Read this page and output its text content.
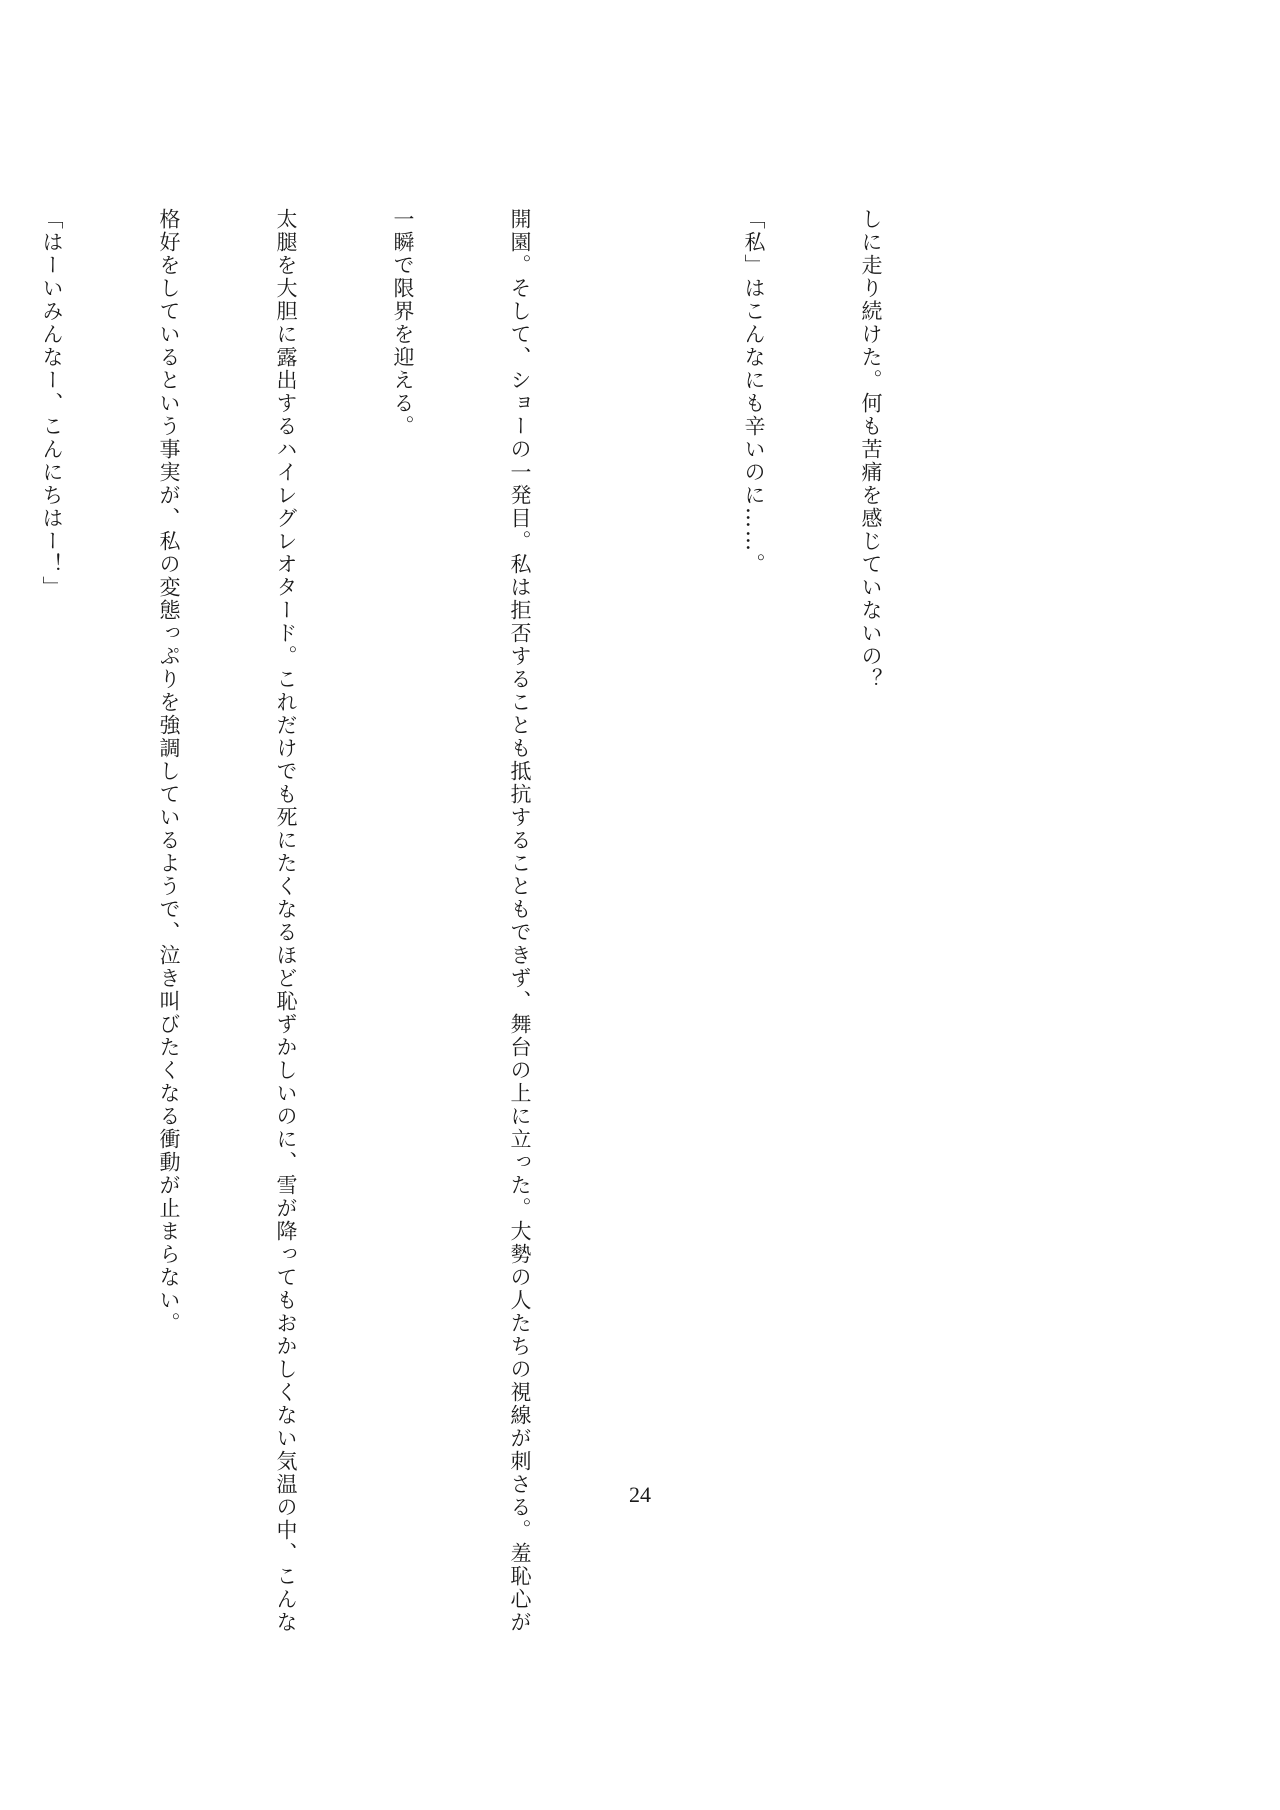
しに走り続けた。何も苦痛を感じていないの？

「私」はこんなにも辛いのに……。

開園。そして、ショーの一発目。私は拒否することも抵抗することもできず、舞台の上に立った。大勢の人たちの視線が刺さる。羞恥心が

一瞬で限界を迎える。

太腿を大胆に露出するハイレグレオタード。これだけでも死にたくなるほど恥ずかしいのに、雪が降ってもおかしくない気温の中、こんな

格好をしているという事実が、私の変態っぷりを強調しているようで、泣き叫びたくなる衝動が止まらない。

「はーいみんなー、こんにちはー！」

24
